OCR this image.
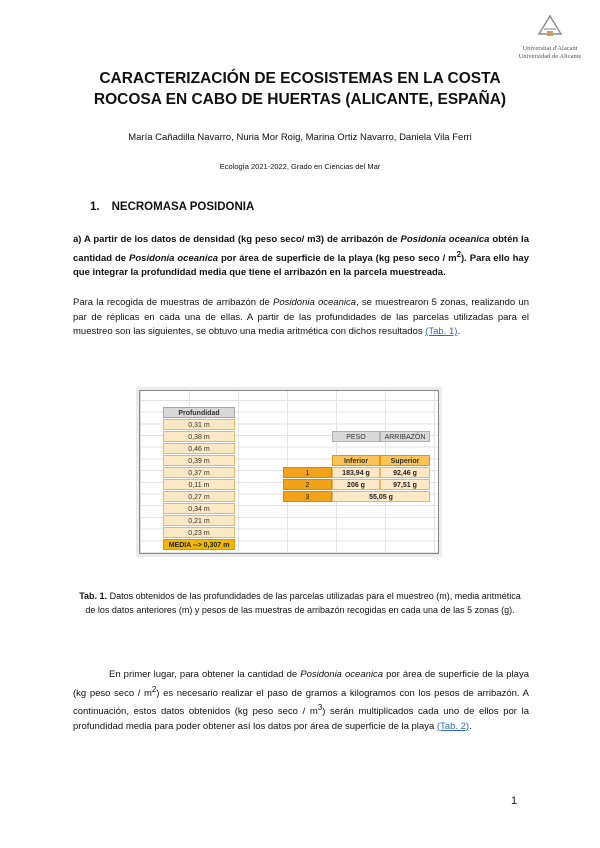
Universitat d'Alacant
Universidad de Alicante
CARACTERIZACIÓN DE ECOSISTEMAS EN LA COSTA
ROCOSA EN CABO DE HUERTAS (ALICANTE, ESPAÑA)
María Cañadilla Navarro, Nuria Mor Roig, Marina Ortiz Navarro, Daniela Vila Ferri
Ecología 2021-2022, Grado en Ciencias del Mar
1. NECROMASA POSIDONIA
a) A partir de los datos de densidad (kg peso seco/ m3) de arribazón de Posidonia oceanica obtén la cantidad de Posidonia oceanica por área de superficie de la playa (kg peso seco / $m^2$). Para ello hay que integrar la profundidad media que tiene el arribazón en la parcela muestreada.
Para la recogida de muestras de arribazón de Posidonia oceanica, se muestrearon 5 zonas, realizando un par de réplicas en cada una de ellas. A partir de las profundidades de las parcelas utilizadas para el muestreo son las siguientes, se obtuvo una media aritmética con dichos resultados (Tab. 1).
Profundidad
0,31 m
0,38 m
0,46 m
0,39 m
0,37 m
0,11 m
0,27 m
0,34 m
0,21 m
0,23 m
MEDIA --> 0,307 m
PESO	ARRIBAZÓN
Inferior	Superior
1	183,94 g	92,46 g
2	206 g	97,51 g
3	55,05 g
Tab. 1. Datos obtenidos de las profundidades de las parcelas utilizadas para el muestreo (m), media aritmética de los datos anteriores (m) y pesos de las muestras de arribazón recogidas en cada una de las 5 zonas (g).
En primer lugar, para obtener la cantidad de Posidonia oceanica por área de superficie de la playa (kg peso seco / $m^2$) es necesario realizar el paso de gramos a kilogramos con los pesos de arribazón. A continuación, estos datos obtenidos (kg peso seco / $m^3$) serán multiplicados cada uno de ellos por la profundidad media para poder obtener así los datos por área de superficie de la playa (Tab. 2).
1
